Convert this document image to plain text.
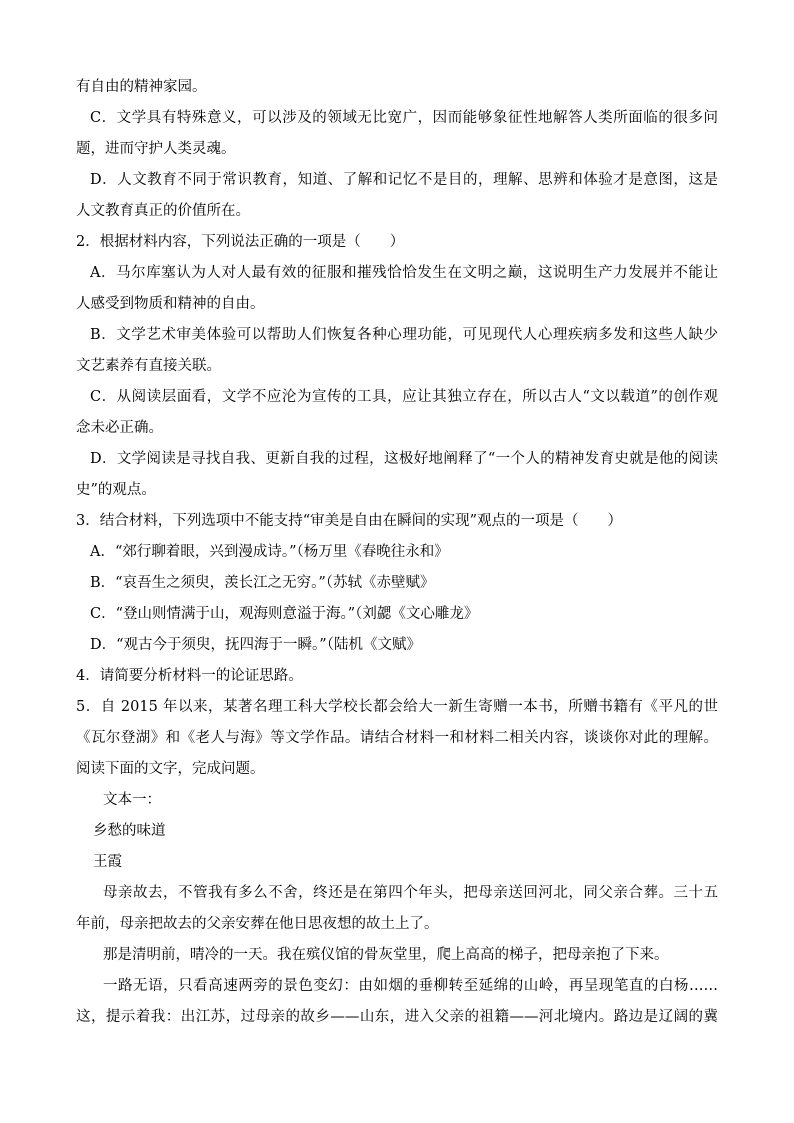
有自由的精神家园。
C．文学具有特殊意义，可以涉及的领域无比宽广，因而能够象征性地解答人类所面临的很多问
题，进而守护人类灵魂。
D．人文教育不同于常识教育，知道、了解和记忆不是目的，理解、思辨和体验才是意图，这是
人文教育真正的价值所在。
2．根据材料内容，下列说法正确的一项是（　　）
A．马尔库塞认为人对人最有效的征服和摧残恰恰发生在文明之巅，这说明生产力发展并不能让
人感受到物质和精神的自由。
B．文学艺术审美体验可以帮助人们恢复各种心理功能，可见现代人心理疾病多发和这些人缺少
文艺素养有直接关联。
C．从阅读层面看，文学不应沦为宣传的工具，应让其独立存在，所以古人“文以载道”的创作观
念未必正确。
D．文学阅读是寻找自我、更新自我的过程，这极好地阐释了“一个人的精神发育史就是他的阅读
史”的观点。
3．结合材料，下列选项中不能支持“审美是自由在瞬间的实现”观点的一项是（　　）
A．“郊行聊着眼，兴到漫成诗。”（杨万里《春晚往永和》
B．“哀吾生之须臾，羡长江之无穷。”（苏轼《赤壁赋》
C．“登山则情满于山，观海则意溢于海。”（刘勰《文心雕龙》
D．“观古今于须臾，抚四海于一瞬。”（陆机《文赋》
4．请简要分析材料一的论证思路。
5．自 2015 年以来，某著名理工科大学校长都会给大一新生寄赠一本书，所赠书籍有《平凡的世
《瓦尔登湖》和《老人与海》等文学作品。请结合材料一和材料二相关内容，谈谈你对此的理解。
阅读下面的文字，完成问题。
文本一：
乡愁的味道
王霞
母亲故去，不管我有多么不舍，终还是在第四个年头，把母亲送回河北，同父亲合葬。三十五
年前，母亲把故去的父亲安葬在他日思夜想的故土上了。
那是清明前，晴冷的一天。我在殡仪馆的骨灰堂里，爬上高高的梯子，把母亲抱了下来。
一路无语，只看高速两旁的景色变幻：由如烟的垂柳转至延绵的山岭，再呈现笔直的白杨……
这，提示着我：出江苏，过母亲的故乡——山东，进入父亲的祖籍——河北境内。路边是辽阔的冀
